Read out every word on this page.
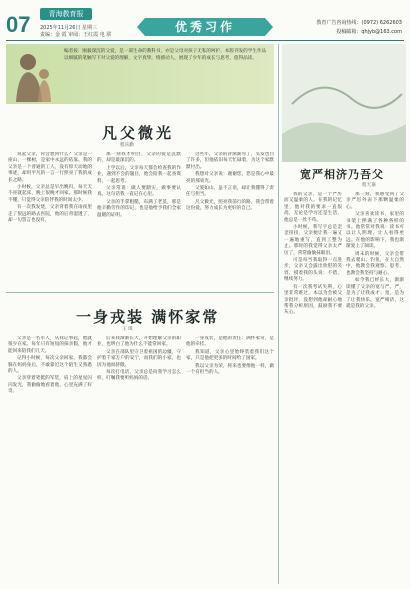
07	青海教育报
2025年11月26日 星期三
责编：金 霞 审阅：王红霞 电 联
优秀习作	教育广告咨询热线：(0972) 6262603
投稿邮箱：qhjyb@163.com
编者按：刚毅深沉的父爱，是一部生命的教科书，亦是父母对孩子无私的呵护。本版刊发的学生作品以细腻的笔触写下对父爱的理解，文字真挚，情感动人，展现了少年的成长与思考，值得品读。
凡父微光
程乐勤

说起父亲，你会想到什么？父亲是一座山，一棵树，是家中永远的依靠。我的父亲是一个普通的工人，没有惊天动地的事迹，却用平凡的一言一行照亮了我的成长之路。

小时候，父亲总是早出晚归，每天天不亮就起床，晚上很晚才回家。那时候我不懂，只觉得父亲陪伴我的时间太少。

有一次我发烧，父亲背着我在雨夜里走了很远的路去医院，他的后背湿透了，却一句怨言也没有。

那一刻我才明白，父亲的爱是沉默的，却是最深沉的。

上学以后，父亲每天都会检查我的作业，遇到不会的题目，他会陪我一起查资料，一起思考。

父亲常说：做人要踏实，做事要认真。这句话我一直记在心里。

父亲的手掌粗糙，布满了老茧，那是他辛勤劳作的印记，也是他给予我们全家温暖的证明。

这些年，父亲的背渐渐弯了，头发也白了许多，但他依旧每天忙碌着，为这个家默默付出。

我想对父亲说：谢谢您，您是我心中最亮的那束光。

父爱如山，虽不言语，却让我懂得了责任与担当。

凡父微光，照亮我前行的路，我会带着这份爱，努力成长为更好的自己。

一身戎装 满怀家常
王 琪

父亲是一名军人，从我记事起，他就很少在家。每年只有短短的探亲假，他才能回来陪我们几天。

记得小时候，每次父亲回家，我都会躲在妈妈身后，不敢靠近这个陌生又熟悉的人。

父亲穿着笔挺的军装，肩上的星星闪闪发光，我偷偷地看着他，心里充满了好奇。

后来我渐渐长大，开始理解父亲的职业，也明白了他为什么不能常回家。

父亲在部队里守卫着祖国的边疆，守护着千家万户的安宁，而我们的小家，也因为他而骄傲。

每次打电话，父亲总是问我学习怎么样，叮嘱我要听妈妈的话。

一身戎装，是他的责任；满怀家常，是他的牵挂。

我知道，父亲心里始终装着我们这个家，只是他把更多的时间给了国家。

我以父亲为荣，将来也要像他一样，做一个有担当的人。

宽严相济乃吾父
程天嘉

我的父亲，是一个严厉而又温柔的人。在我的记忆里，他对我的要求一直很高，无论是学习还是生活，他总是一丝不苟。

小时候，我写字总是歪歪扭扭，父亲便让我一遍又一遍地重写，直到工整为止。那时的我觉得父亲太严厉了，常常偷偷抹眼泪。

可是每当我取得一点进步，父亲又会露出欣慰的笑容，摸着我的头说：不错，继续努力。

有一次我考试失利，心里非常难过，本以为会被父亲批评，没想到他却耐心地帮我分析原因，鼓励我不要灰心。

那一刻，我感受到了父亲严厉外表下那颗温柔的心。

父亲喜欢读书，家里的书架上摆满了各种各样的书。他常常对我说：读书可以让人明理，让人看得更远。在他的影响下，我也渐渐爱上了阅读。

周末的时候，父亲会带我去爬山、钓鱼，在大自然中，他教会我观察、思考，也教会我坚持与耐心。

如今我已经长大，渐渐读懂了父亲的宽与严。严，是为了让我成才；宽，是为了让我快乐。宽严相济，这就是我的父亲。
